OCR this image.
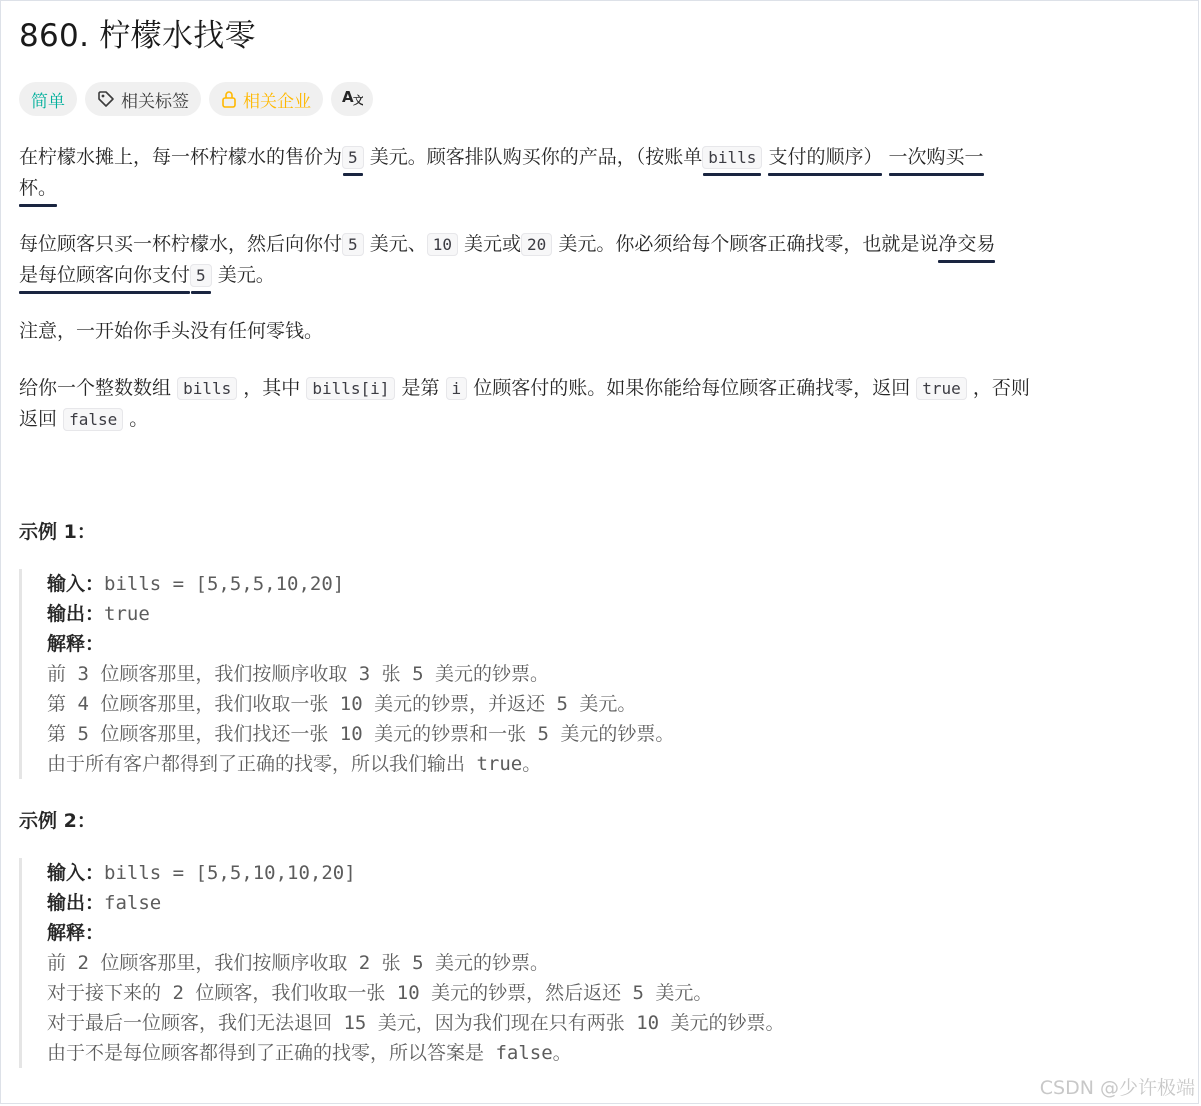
860. 柠檬水找零
简单	相关标签	相关企业 A 文

在柠檬水摊上，每一杯柠檬水的售价为 5 美元。顾客排队购买你的产品，（按账单 bills 支付的顺序） 一次购买一
杯。

每位顾客只买一杯柠檬水，然后向你付 5 美元、 10 美元或 20 美元。你必须给每个顾客正确找零，也就是说净交易
是每位顾客向你支付 5 美元。

注意，一开始你手头没有任何零钱。

给你一个整数数组 bills ，其中 bills[i] 是第 i 位顾客付的账。如果你能给每位顾客正确找零，返回 true ，否则
返回 false 。

示例 1：
输入：bills = [5,5,5,10,20]
输出：true
解释：
前 3 位顾客那里，我们按顺序收取 3 张 5 美元的钞票。
第 4 位顾客那里，我们收取一张 10 美元的钞票，并返还 5 美元。
第 5 位顾客那里，我们找还一张 10 美元的钞票和一张 5 美元的钞票。
由于所有客户都得到了正确的找零，所以我们输出 true。
示例 2：
输入：bills = [5,5,10,10,20]
输出：false
解释：
前 2 位顾客那里，我们按顺序收取 2 张 5 美元的钞票。
对于接下来的 2 位顾客，我们收取一张 10 美元的钞票，然后返还 5 美元。
对于最后一位顾客，我们无法退回 15 美元，因为我们现在只有两张 10 美元的钞票。
由于不是每位顾客都得到了正确的找零，所以答案是 false。
CSDN @少许极端
